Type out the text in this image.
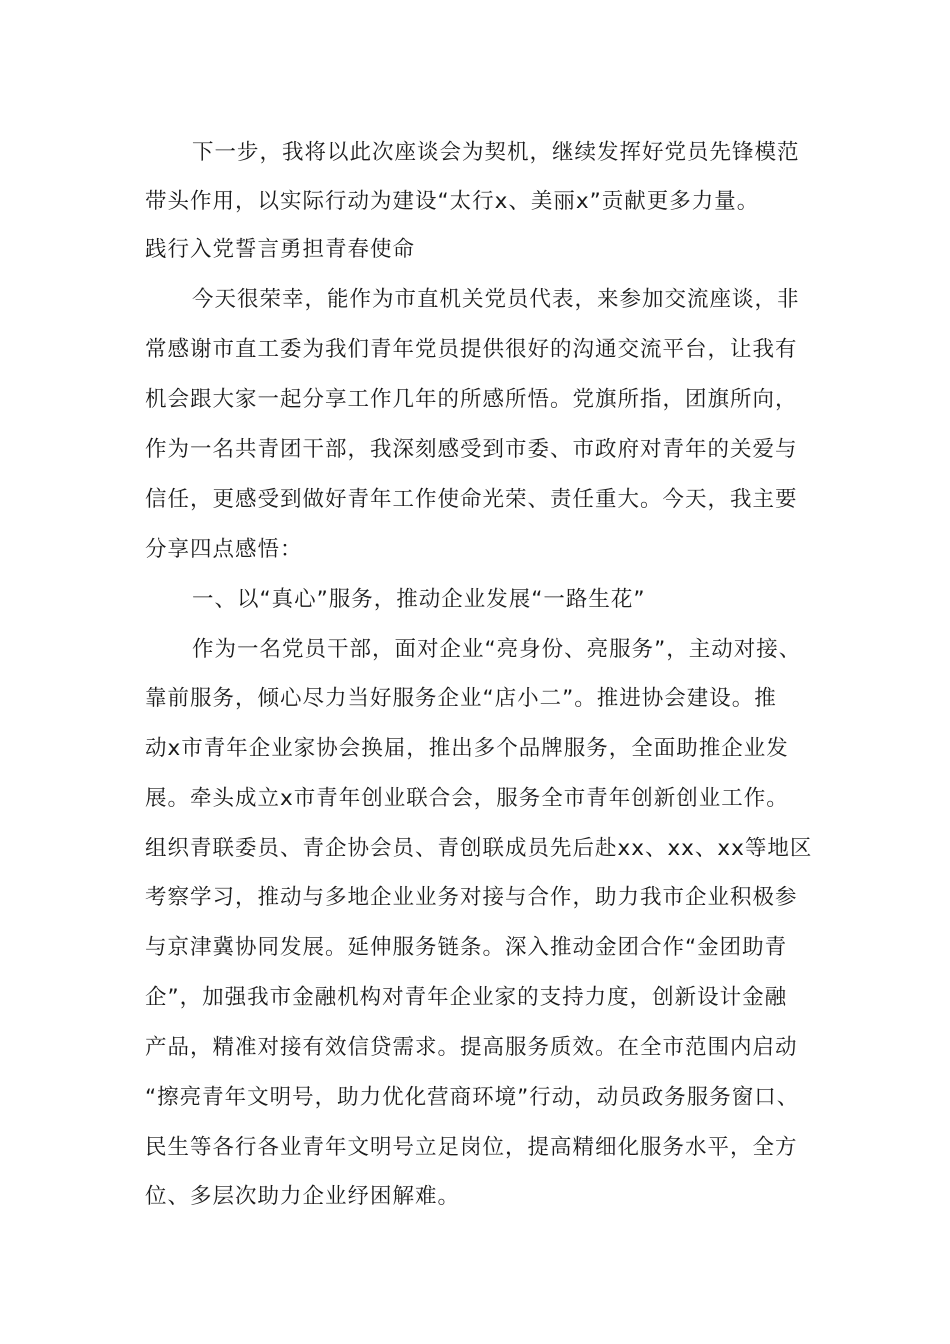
下一步，我将以此次座谈会为契机，继续发挥好党员先锋模范
带头作用，以实际行动为建设“太行x、美丽x”贡献更多力量。
践行入党誓言勇担青春使命
今天很荣幸，能作为市直机关党员代表，来参加交流座谈，非
常感谢市直工委为我们青年党员提供很好的沟通交流平台，让我有
机会跟大家一起分享工作几年的所感所悟。党旗所指，团旗所向，
作为一名共青团干部，我深刻感受到市委、市政府对青年的关爱与
信任，更感受到做好青年工作使命光荣、责任重大。今天，我主要
分享四点感悟：
一、以“真心”服务，推动企业发展“一路生花”
作为一名党员干部，面对企业“亮身份、亮服务”，主动对接、
靠前服务，倾心尽力当好服务企业“店小二”。推进协会建设。推
动x市青年企业家协会换届，推出多个品牌服务，全面助推企业发
展。牵头成立x市青年创业联合会，服务全市青年创新创业工作。
组织青联委员、青企协会员、青创联成员先后赴xx、xx、xx等地区
考察学习，推动与多地企业业务对接与合作，助力我市企业积极参
与京津冀协同发展。延伸服务链条。深入推动金团合作“金团助青
企”，加强我市金融机构对青年企业家的支持力度，创新设计金融
产品，精准对接有效信贷需求。提高服务质效。在全市范围内启动
“擦亮青年文明号，助力优化营商环境”行动，动员政务服务窗口、
民生等各行各业青年文明号立足岗位，提高精细化服务水平，全方
位、多层次助力企业纾困解难。
